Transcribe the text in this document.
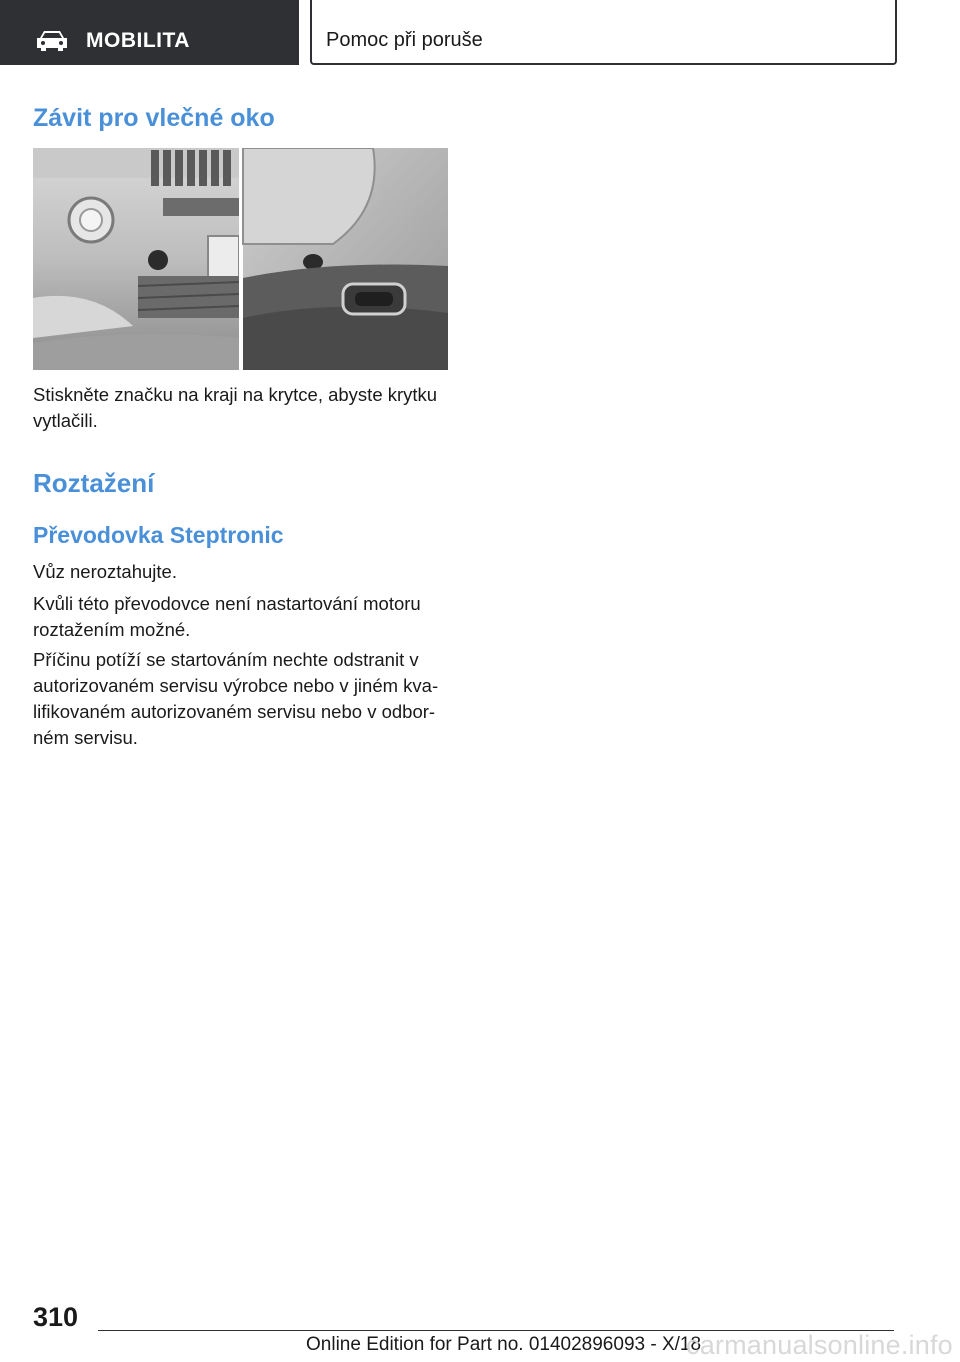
MOBILITA	Pomoc při poruše
Závit pro vlečné oko

Stiskněte značku na kraji na krytce, abyste krytku vytlačili.

Roztažení
Převodovka Steptronic

Vůz neroztahujte.

Kvůli této převodovce není nastartování motoru roztažením možné.

Příčinu potíží se startováním nechte odstranit v autorizovaném servisu výrobce nebo v jiném kva-lifikovaném autorizovaném servisu nebo v odbor-ném servisu.

310
Online Edition for Part no. 01402896093 - X/18
carmanualsonline.info
